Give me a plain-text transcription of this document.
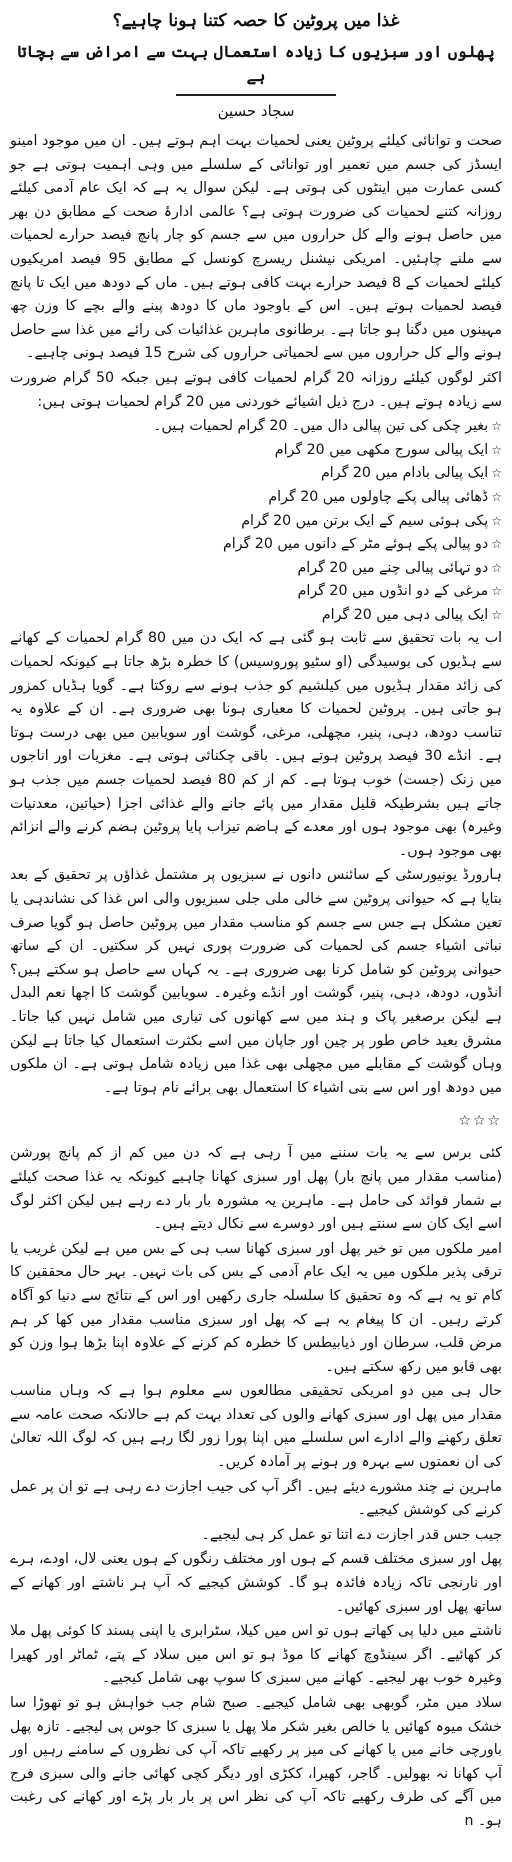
غذا میں پروٹین کا حصہ کتنا ہونا چاہیے؟
پھلوں اور سبزیوں کا زیادہ استعمال بہت سے امراض سے بچاتا ہے
سجاد حسین
صحت و توانائی کیلئے پروٹین یعنی لحمیات بہت اہم ہوتے ہیں۔ ان میں موجود امینو ایسڈز کی جسم میں تعمیر اور توانائی کے سلسلے میں وہی اہمیت ہوتی ہے جو کسی عمارت میں اینٹوں کی ہوتی ہے۔ لیکن سوال یہ ہے کہ ایک عام آدمی کیلئے روزانہ کتنے لحمیات کی ضرورت ہوتی ہے؟ عالمی ادارۂ صحت کے مطابق دن بھر میں حاصل ہونے والے کل حراروں میں سے جسم کو چار پانچ فیصد حرارے لحمیات سے ملنے چاہئیں۔ امریکی نیشنل ریسرچ کونسل کے مطابق 95 فیصد امریکیوں کیلئے لحمیات کے 8 فیصد حرارے بہت کافی ہوتے ہیں۔ ماں کے دودھ میں ایک تا پانچ فیصد لحمیات ہوتے ہیں۔ اس کے باوجود ماں کا دودھ پینے والے بچے کا وزن چھ مہینوں میں دگنا ہو جاتا ہے۔ برطانوی ماہرین غذائیات کی رائے میں غذا سے حاصل ہونے والے کل حراروں میں سے لحمیاتی حراروں کی شرح 15 فیصد ہونی چاہیے۔
اکثر لوگوں کیلئے روزانہ 20 گرام لحمیات کافی ہوتے ہیں جبکہ 50 گرام ضرورت سے زیادہ ہوتے ہیں۔ درج ذیل اشیائے خوردنی میں 20 گرام لحمیات ہوتی ہیں:
☆بغیر چکی کی تین پیالی دال میں۔ 20 گرام لحمیات ہیں۔
☆ایک پیالی سورج مکھی میں 20 گرام
☆ایک پیالی بادام میں 20 گرام
☆ڈھائی پیالی پکے چاولوں میں 20 گرام
☆پکی ہوئی سیم کے ایک برتن میں 20 گرام
☆دو پیالی پکے ہوئے مٹر کے دانوں میں 20 گرام
☆دو تہائی پیالی چنے میں 20 گرام
☆مرغی کے دو انڈوں میں 20 گرام
☆ایک پیالی دہی میں 20 گرام
اب یہ بات تحقیق سے ثابت ہو گئی ہے کہ ایک دن میں 80 گرام لحمیات کے کھانے سے ہڈیوں کی بوسیدگی (او سٹیو پوروسیس) کا خطرہ بڑھ جاتا ہے کیونکہ لحمیات کی زائد مقدار ہڈیوں میں کیلشیم کو جذب ہونے سے روکتا ہے۔ گویا ہڈیاں کمزور ہو جاتی ہیں۔ پروٹین لحمیات کا معیاری ہونا بھی ضروری ہے۔ ان کے علاوہ یہ تناسب دودھ، دہی، پنیر، مچھلی، مرغی، گوشت اور سویابین میں بھی درست ہوتا ہے۔ انڈے 30 فیصد پروٹین ہوتے ہیں۔ باقی چکنائی ہوتی ہے۔ مغزیات اور اناجوں میں زنک (جست) خوب ہوتا ہے۔ کم از کم 80 فیصد لحمیات جسم میں جذب ہو جاتے ہیں بشرطیکہ قلیل مقدار میں پائے جانے والے غذائی اجزا (حیاتین، معدنیات وغیرہ) بھی موجود ہوں اور معدے کے ہاضم تیزاب پایا پروٹین ہضم کرنے والے انزائم بھی موجود ہوں۔
ہارورڈ یونیورسٹی کے سائنس دانوں نے سبزیوں پر مشتمل غذاؤں پر تحقیق کے بعد بتایا ہے کہ حیوانی پروٹین سے خالی ملی جلی سبزیوں والی اس غذا کی نشاندہی یا تعین مشکل ہے جس سے جسم کو مناسب مقدار میں پروٹین حاصل ہو گویا صرف نباتی اشیاء جسم کی لحمیات کی ضرورت پوری نہیں کر سکتیں۔ ان کے ساتھ حیوانی پروٹین کو شامل کرنا بھی ضروری ہے۔ یہ کہاں سے حاصل ہو سکتے ہیں؟ انڈوں، دودھ، دہی، پنیر، گوشت اور انڈے وغیرہ۔ سویابین گوشت کا اچھا نعم البدل ہے لیکن برصغیر پاک و ہند میں سے کھانوں کی تیاری میں شامل نہیں کیا جاتا۔ مشرق بعید خاص طور پر چین اور جاپان میں اسے بکثرت استعمال کیا جاتا ہے لیکن وہاں گوشت کے مقابلے میں مچھلی بھی غذا میں زیادہ شامل ہوتی ہے۔ ان ملکوں میں دودھ اور اس سے بنی اشیاء کا استعمال بھی برائے نام ہوتا ہے۔
☆☆☆
کئی برس سے یہ بات سننے میں آ رہی ہے کہ دن میں کم از کم پانچ پورشن (مناسب مقدار میں پانچ بار) پھل اور سبزی کھانا چاہیے کیونکہ یہ غذا صحت کیلئے بے شمار فوائد کی حامل ہے۔ ماہرین یہ مشورہ بار بار دے رہے ہیں لیکن اکثر لوگ اسے ایک کان سے سنتے ہیں اور دوسرے سے نکال دیتے ہیں۔
امیر ملکوں میں تو خیر پھل اور سبزی کھانا سب ہی کے بس میں ہے لیکن غریب یا ترقی پذیر ملکوں میں یہ ایک عام آدمی کے بس کی بات نہیں۔ بہر حال محققین کا کام تو یہ ہے کہ وہ تحقیق کا سلسلہ جاری رکھیں اور اس کے نتائج سے دنیا کو آگاہ کرتے رہیں۔ ان کا پیغام یہ ہے کہ پھل اور سبزی مناسب مقدار میں کھا کر ہم مرض قلب، سرطان اور ذیابیطس کا خطرہ کم کرنے کے علاوہ اپنا بڑھا ہوا وزن کو بھی قابو میں رکھ سکتے ہیں۔
حال ہی میں دو امریکی تحقیقی مطالعوں سے معلوم ہوا ہے کہ وہاں مناسب مقدار میں پھل اور سبزی کھانے والوں کی تعداد بہت کم ہے حالانکہ صحت عامہ سے تعلق رکھنے والے ادارے اس سلسلے میں اپنا پورا زور لگا رہے ہیں کہ لوگ اللہ تعالیٰ کی ان نعمتوں سے بہرہ ور ہونے پر آمادہ کریں۔
ماہرین نے چند مشورے دیئے ہیں۔ اگر آپ کی جیب اجازت دے رہی ہے تو ان پر عمل کرنے کی کوشش کیجیے۔
جیب جس قدر اجازت دے اتنا تو عمل کر ہی لیجیے۔
پھل اور سبزی مختلف قسم کے ہوں اور مختلف رنگوں کے ہوں یعنی لال، اودے، ہرے اور نارنجی تاکہ زیادہ فائدہ ہو گا۔ کوشش کیجیے کہ آپ ہر ناشتے اور کھانے کے ساتھ پھل اور سبزی کھائیں۔
ناشتے میں دلیا پی کھاتے ہوں تو اس میں کیلا، سٹرابری یا اپنی پسند کا کوئی پھل ملا کر کھائیے۔ اگر سینڈوچ کھانے کا موڈ ہو تو اس میں سلاد کے پتے، ٹماٹر اور کھیرا وغیرہ خوب بھر لیجیے۔ کھانے میں سبزی کا سوپ بھی شامل کیجیے۔
سلاد میں مٹر، گوبھی بھی شامل کیجیے۔ صبح شام جب خواہش ہو تو تھوڑا سا خشک میوہ کھائیں یا خالص بغیر شکر ملا پھل یا سبزی کا جوس پی لیجیے۔ تازہ پھل باورچی خانے میں یا کھانے کی میز پر رکھیے تاکہ آپ کی نظروں کے سامنے رہیں اور آپ کھانا نہ بھولیں۔ گاجر، کھیرا، ککڑی اور دیگر کچی کھائی جانے والی سبزی فرج میں آگے کی طرف رکھیے تاکہ آپ کی نظر اس پر بار بار پڑے اور کھانے کی رغبت ہو۔ n
